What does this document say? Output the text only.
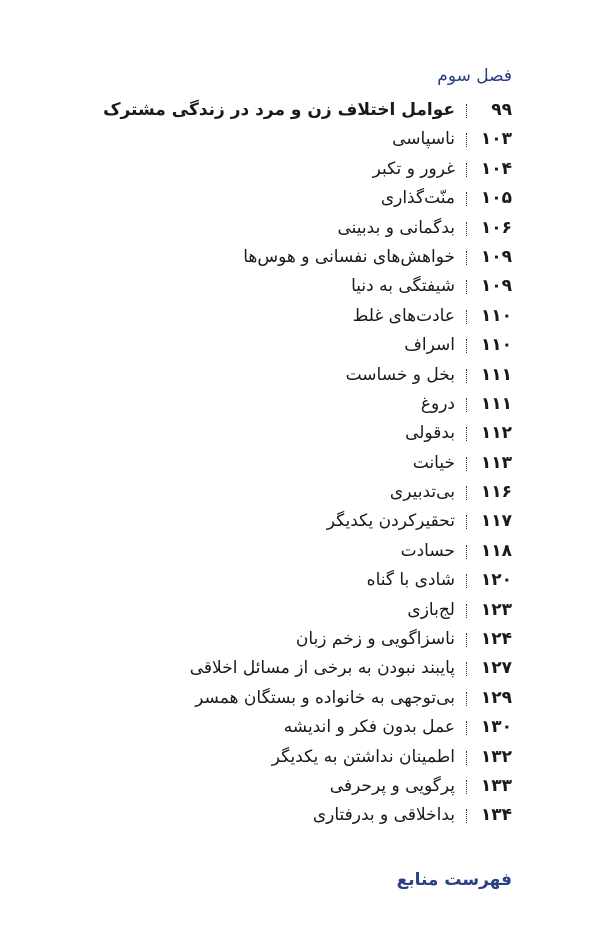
فصل سوم
۹۹
عوامل اختلاف زن و مرد در زندگی مشترک
۱۰۳
ناسپاسی
۱۰۴
غرور و تکبر
۱۰۵
منّت‌گذاری
۱۰۶
بدگمانی و بدبینی
۱۰۹
خواهش‌های نفسانی و هوس‌ها
۱۰۹
شیفتگی به دنیا
۱۱۰
عادت‌های غلط
۱۱۰
اسراف
۱۱۱
بخل و خساست
۱۱۱
دروغ
۱۱۲
بدقولی
۱۱۳
خیانت
۱۱۶
بی‌تدبیری
۱۱۷
تحقیرکردن یکدیگر
۱۱۸
حسادت
۱۲۰
شادی با گناه
۱۲۳
لج‌بازی
۱۲۴
ناسزاگویی و زخم زبان
۱۲۷
پایبند نبودن به برخی از مسائل اخلاقی
۱۲۹
بی‌توجهی به خانواده و بستگان همسر
۱۳۰
عمل بدون فکر و اندیشه
۱۳۲
اطمینان نداشتن به یکدیگر
۱۳۳
پرگویی و پرحرفی
۱۳۴
بداخلاقی و بدرفتاری
فهرست منابع
